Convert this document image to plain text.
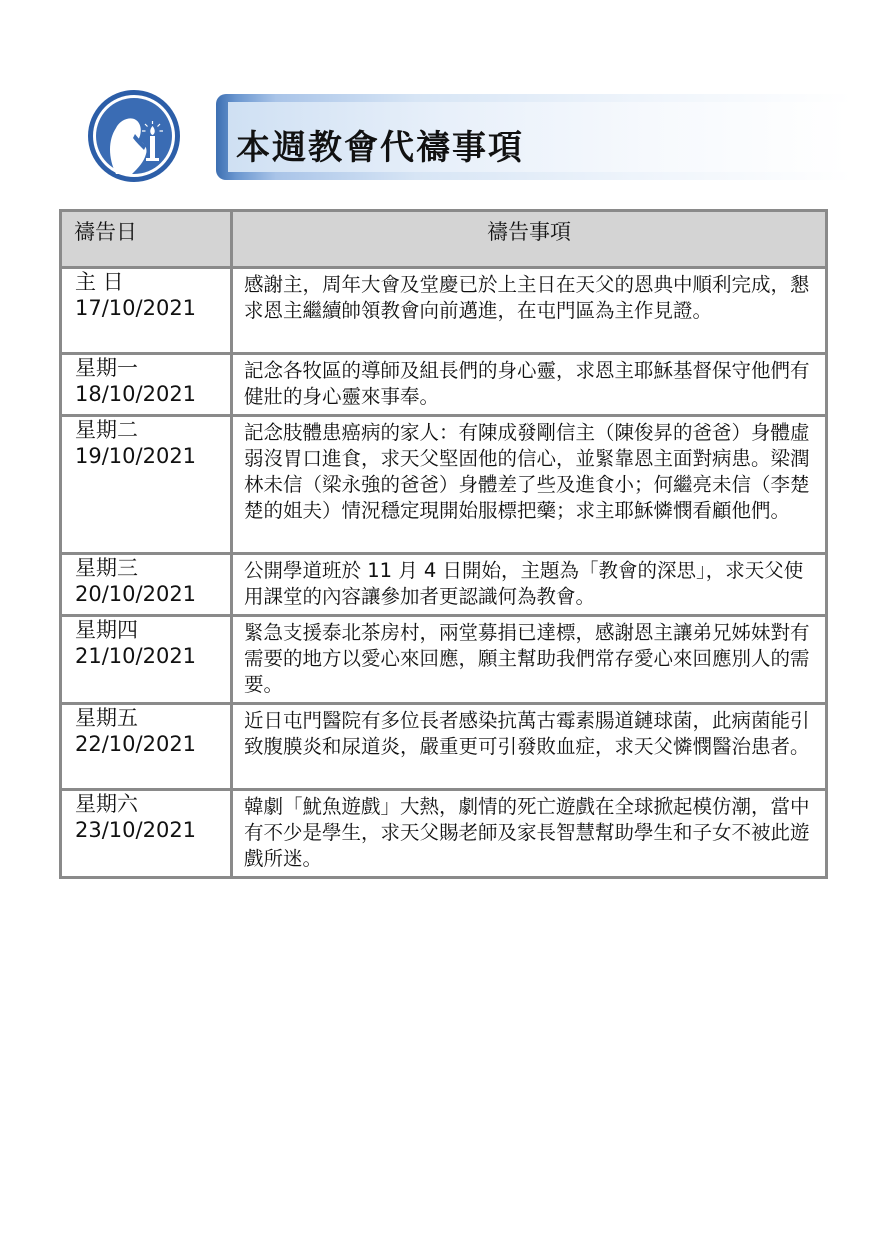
本週教會代禱事項
禱告日	禱告事項

主 日
17/10/2021	感謝主，周年大會及堂慶已於上主日在天父的恩典中順利完成，懇求恩主繼續帥領教會向前邁進，在屯門區為主作見證。

星期一
18/10/2021	記念各牧區的導師及組長們的身心靈，求恩主耶穌基督保守他們有健壯的身心靈來事奉。

星期二
19/10/2021	記念肢體患癌病的家人：有陳成發剛信主（陳俊昇的爸爸）身體虛弱沒胃口進食，求天父堅固他的信心，並緊靠恩主面對病患。梁潤林未信（梁永強的爸爸）身體差了些及進食小；何繼亮未信（李楚楚的姐夫）情況穩定現開始服標把藥；求主耶穌憐憫看顧他們。

星期三
20/10/2021	公開學道班於 11 月 4 日開始，主題為「教會的深思」，求天父使用課堂的內容讓參加者更認識何為教會。

星期四
21/10/2021	緊急支援泰北茶房村，兩堂募捐已達標，感謝恩主讓弟兄姊妹對有需要的地方以愛心來回應，願主幫助我們常存愛心來回應別人的需要。

星期五
22/10/2021	近日屯門醫院有多位長者感染抗萬古霉素腸道鏈球菌，此病菌能引致腹膜炎和尿道炎，嚴重更可引發敗血症，求天父憐憫醫治患者。

星期六
23/10/2021	韓劇「魷魚遊戲」大熱，劇情的死亡遊戲在全球掀起模仿潮，當中有不少是學生，求天父賜老師及家長智慧幫助學生和子女不被此遊戲所迷。
